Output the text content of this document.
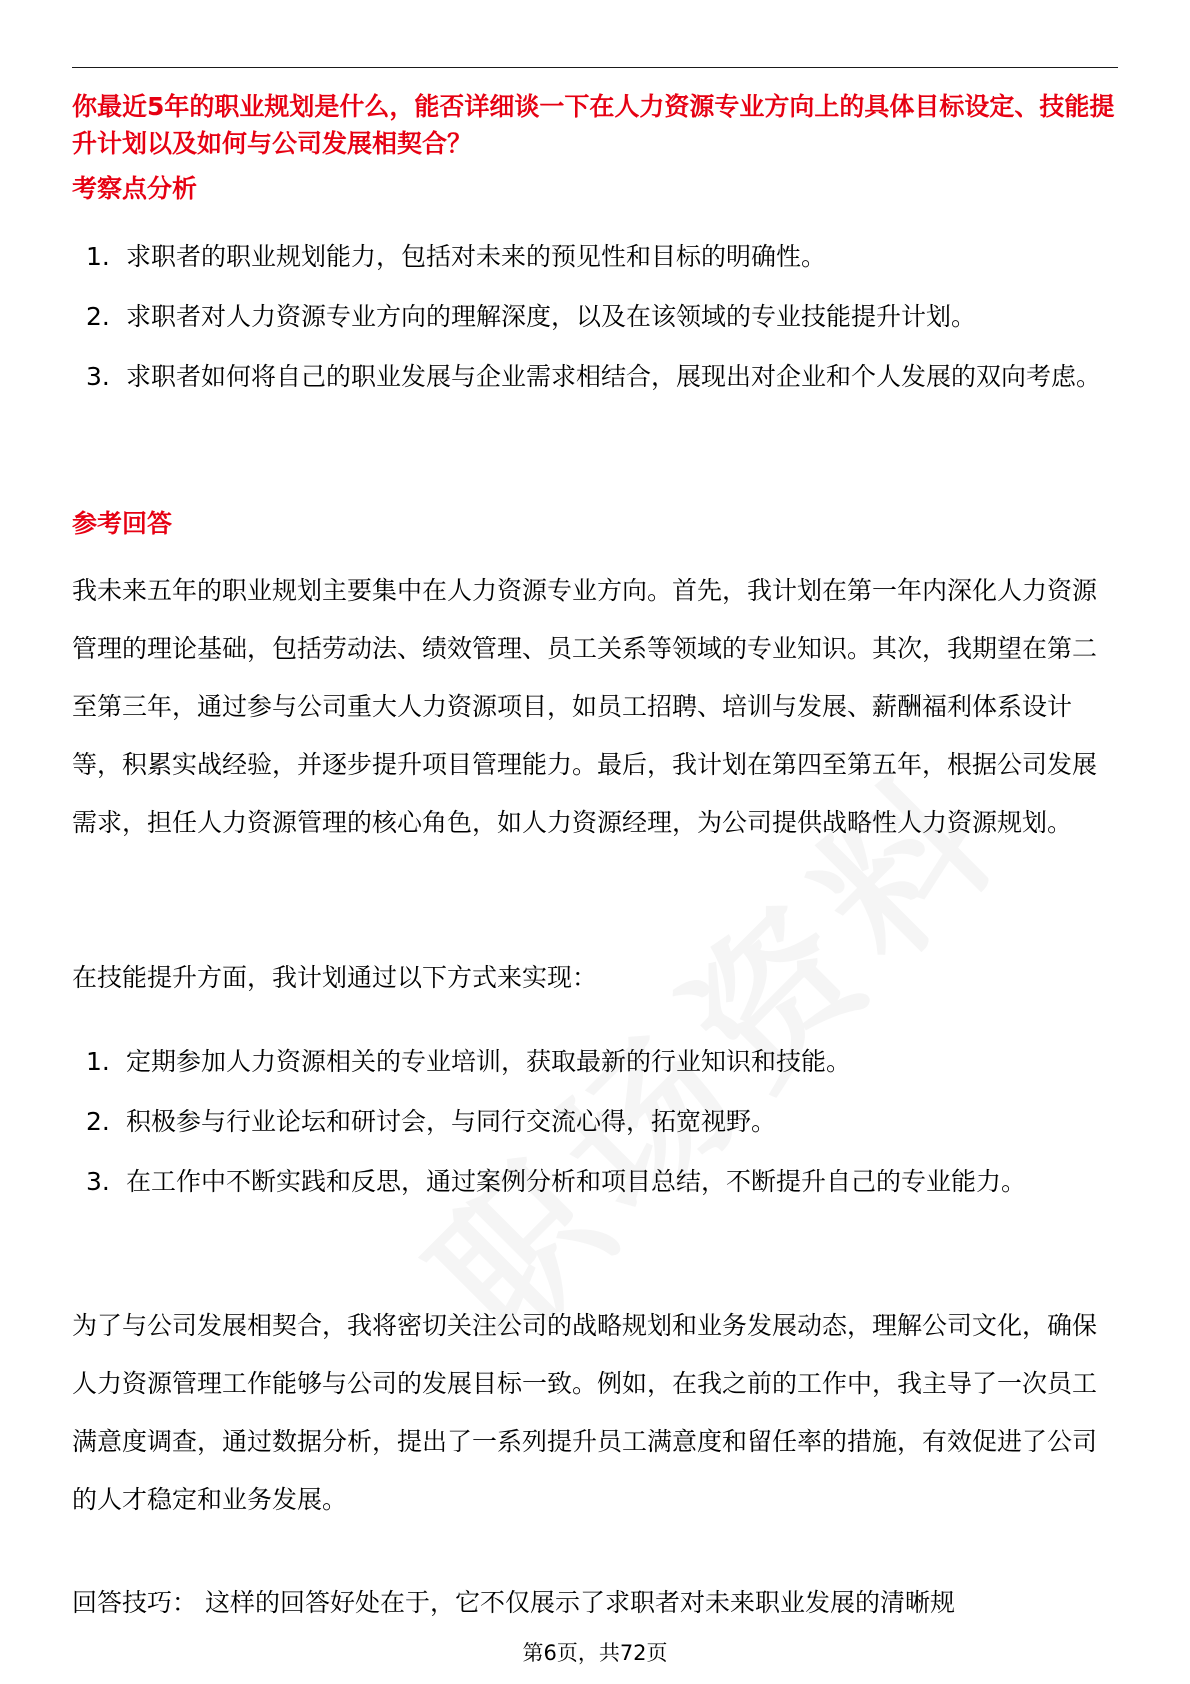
你最近5年的职业规划是什么，能否详细谈一下在人力资源专业方向上的具体目标设定、技能提升计划以及如何与公司发展相契合？
考察点分析
1. 求职者的职业规划能力，包括对未来的预见性和目标的明确性。
2. 求职者对人力资源专业方向的理解深度，以及在该领域的专业技能提升计划。
3. 求职者如何将自己的职业发展与企业需求相结合，展现出对企业和个人发展的双向考虑。
参考回答

我未来五年的职业规划主要集中在人力资源专业方向。首先，我计划在第一年内深化人力资源管理的理论基础，包括劳动法、绩效管理、员工关系等领域的专业知识。其次，我期望在第二至第三年，通过参与公司重大人力资源项目，如员工招聘、培训与发展、薪酬福利体系设计等，积累实战经验，并逐步提升项目管理能力。最后，我计划在第四至第五年，根据公司发展需求，担任人力资源管理的核心角色，如人力资源经理，为公司提供战略性人力资源规划。

在技能提升方面，我计划通过以下方式来实现：

1. 定期参加人力资源相关的专业培训，获取最新的行业知识和技能。
2. 积极参与行业论坛和研讨会，与同行交流心得，拓宽视野。
3. 在工作中不断实践和反思，通过案例分析和项目总结，不断提升自己的专业能力。

为了与公司发展相契合，我将密切关注公司的战略规划和业务发展动态，理解公司文化，确保人力资源管理工作能够与公司的发展目标一致。例如，在我之前的工作中，我主导了一次员工满意度调查，通过数据分析，提出了一系列提升员工满意度和留任率的措施，有效促进了公司的人才稳定和业务发展。

回答技巧： 这样的回答好处在于，它不仅展示了求职者对未来职业发展的清晰规

第6页，共72页
